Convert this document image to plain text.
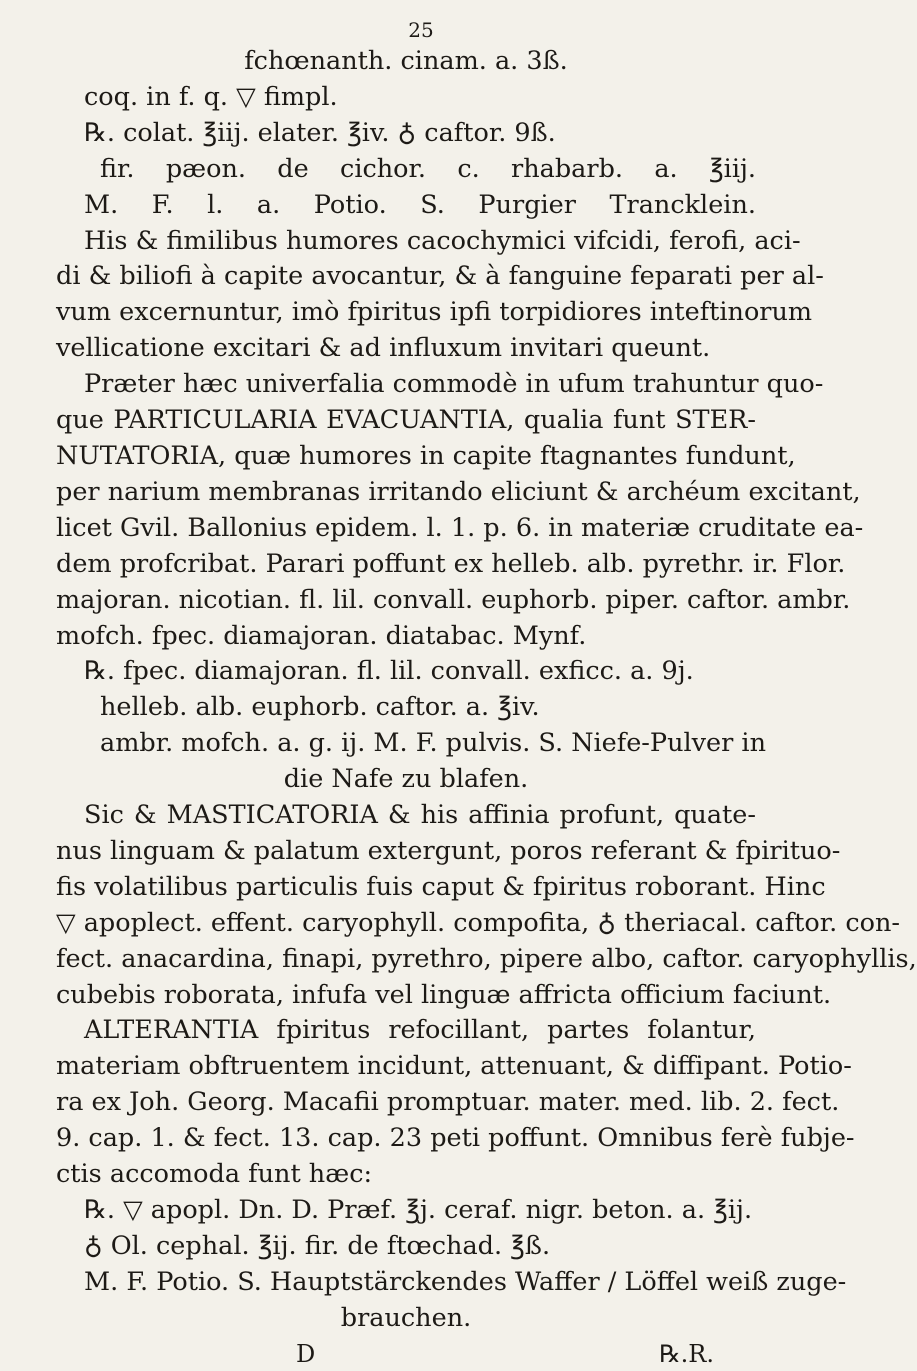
25
fchœnanth. cinam. a. 3ß.
coq. in f. q. ▽ fimpl.
℞. colat. ℥iij. elater. ℥iv. ♁ caftor. 9ß.
fir. pæon. de cichor. c. rhabarb. a. ℥iij.
M. F. l. a. Potio. S. Purgier Trancklein.
His & fimilibus humores cacochymici vifcidi, ferofi, aci-
di & biliofi à capite avocantur, & à fanguine feparati per al-
vum excernuntur, imò fpiritus ipfi torpidiores inteftinorum
vellicatione excitari & ad influxum invitari queunt.
Præter hæc univerfalia commodè in ufum trahuntur quo-
que PARTICULARIA EVACUANTIA, qualia funt STER-
NUTATORIA, quæ humores in capite ftagnantes fundunt,
per narium membranas irritando eliciunt & archéum excitant,
licet Gvil. Ballonius epidem. l. 1. p. 6. in materiæ cruditate ea-
dem profcribat. Parari poffunt ex helleb. alb. pyrethr. ir. Flor.
majoran. nicotian. fl. lil. convall. euphorb. piper. caftor. ambr.
mofch. fpec. diamajoran. diatabac. Mynf.
℞. fpec. diamajoran. fl. lil. convall. exficc. a. 9j.
helleb. alb. euphorb. caftor. a. ℥iv.
ambr. mofch. a. g. ij. M. F. pulvis. S. Niefe-Pulver in
die Nafe zu blafen.
Sic & MASTICATORIA & his affinia profunt, quate-
nus linguam & palatum extergunt, poros referant & fpirituo-
fis volatilibus particulis fuis caput & fpiritus roborant. Hinc
▽ apoplect. effent. caryophyll. compofita, ♁ theriacal. caftor. con-
fect. anacardina, finapi, pyrethro, pipere albo, caftor. caryophyllis,
cubebis roborata, infufa vel linguæ affricta officium faciunt.
ALTERANTIA fpiritus refocillant, partes folantur,
materiam obftruentem incidunt, attenuant, & diffipant. Potio-
ra ex Joh. Georg. Macafii promptuar. mater. med. lib. 2. fect.
9. cap. 1. & fect. 13. cap. 23 peti poffunt. Omnibus ferè fubje-
ctis accomoda funt hæc:
℞. ▽ apopl. Dn. D. Præf. ℥j. ceraf. nigr. beton. a. ℥ij.
♁ Ol. cephal. ℥ij. fir. de ftœchad. ℥ß.
M. F. Potio. S. Hauptstärckendes Waffer / Löffel weiß zuge-
brauchen.
D	℞.R.
